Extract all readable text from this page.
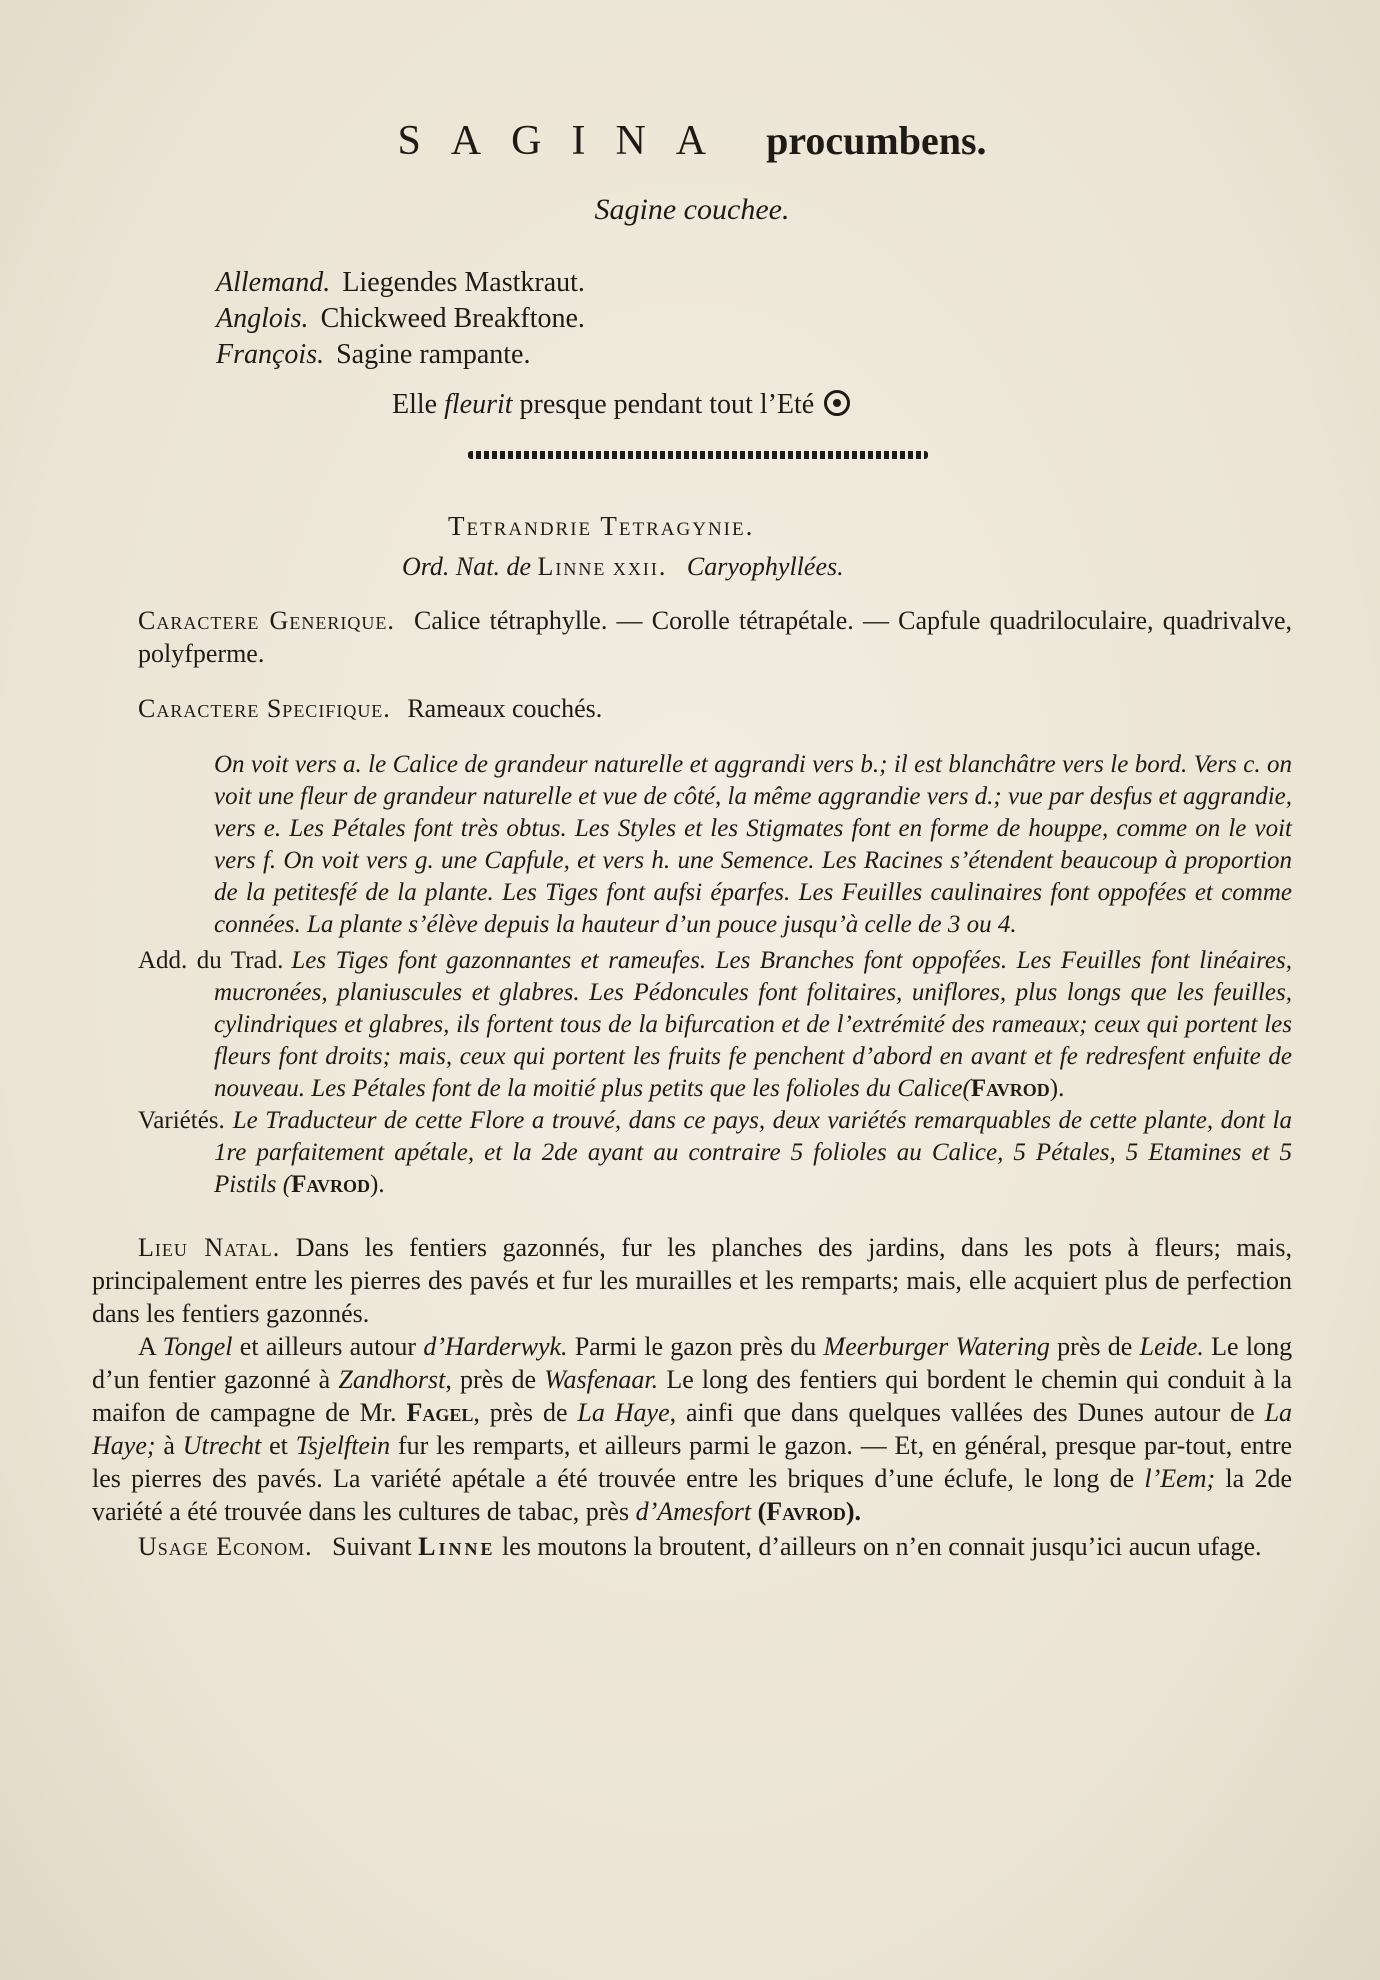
SAGINA procumbens.
Sagine couchee.
Allemand. Liegendes Mastkraut.
Anglois. Chickweed Breakftone.
François. Sagine rampante.
Elle fleurit presque pendant tout l’Eté
Tetrandrie Tetragynie.
Ord. Nat. de Linne xxii. Caryophyllées.
Caractere Generique. Calice tétraphylle. — Corolle tétrapétale. — Capfule quadriloculaire, quadrivalve, polyfperme.
Caractere Specifique. Rameaux couchés.
On voit vers a. le Calice de grandeur naturelle et aggrandi vers b.; il est blanchâtre vers le bord. Vers c. on voit une fleur de grandeur naturelle et vue de côté, la même aggrandie vers d.; vue par desfus et aggrandie, vers e. Les Pétales font très obtus. Les Styles et les Stigmates font en forme de houppe, comme on le voit vers f. On voit vers g. une Capfule, et vers h. une Semence. Les Racines s’étendent beaucoup à proportion de la petitesfé de la plante. Les Tiges font aufsi éparfes. Les Feuilles caulinaires font oppofées et comme connées. La plante s’élève depuis la hauteur d’un pouce jusqu’à celle de 3 ou 4.
Add. du Trad. Les Tiges font gazonnantes et rameufes. Les Branches font oppofées. Les Feuilles font linéaires, mucronées, planiuscules et glabres. Les Pédoncules font folitaires, uniflores, plus longs que les feuilles, cylindriques et glabres, ils fortent tous de la bifurcation et de l’extrémité des rameaux; ceux qui portent les fleurs font droits; mais, ceux qui portent les fruits fe penchent d’abord en avant et fe redresfent enfuite de nouveau. Les Pétales font de la moitié plus petits que les folioles du Calice(Favrod).
Variétés. Le Traducteur de cette Flore a trouvé, dans ce pays, deux variétés remarquables de cette plante, dont la 1re parfaitement apétale, et la 2de ayant au contraire 5 folioles au Calice, 5 Pétales, 5 Etamines et 5 Pistils (Favrod).
Lieu Natal. Dans les fentiers gazonnés, fur les planches des jardins, dans les pots à fleurs; mais, principalement entre les pierres des pavés et fur les murailles et les remparts; mais, elle acquiert plus de perfection dans les fentiers gazonnés.
A Tongel et ailleurs autour d’Harderwyk. Parmi le gazon près du Meerburger Watering près de Leide. Le long d’un fentier gazonné à Zandhorst, près de Wasfenaar. Le long des fentiers qui bordent le chemin qui conduit à la maifon de campagne de Mr. Fagel, près de La Haye, ainfi que dans quelques vallées des Dunes autour de La Haye; à Utrecht et Tsjelftein fur les remparts, et ailleurs parmi le gazon. — Et, en général, presque par-tout, entre les pierres des pavés. La variété apétale a été trouvée entre les briques d’une éclufe, le long de l’Eem; la 2de variété a été trouvée dans les cultures de tabac, près d’Amesfort (Favrod).
Usage Econom. Suivant Linne les moutons la broutent, d’ailleurs on n’en connait jusqu’ici aucun ufage.
